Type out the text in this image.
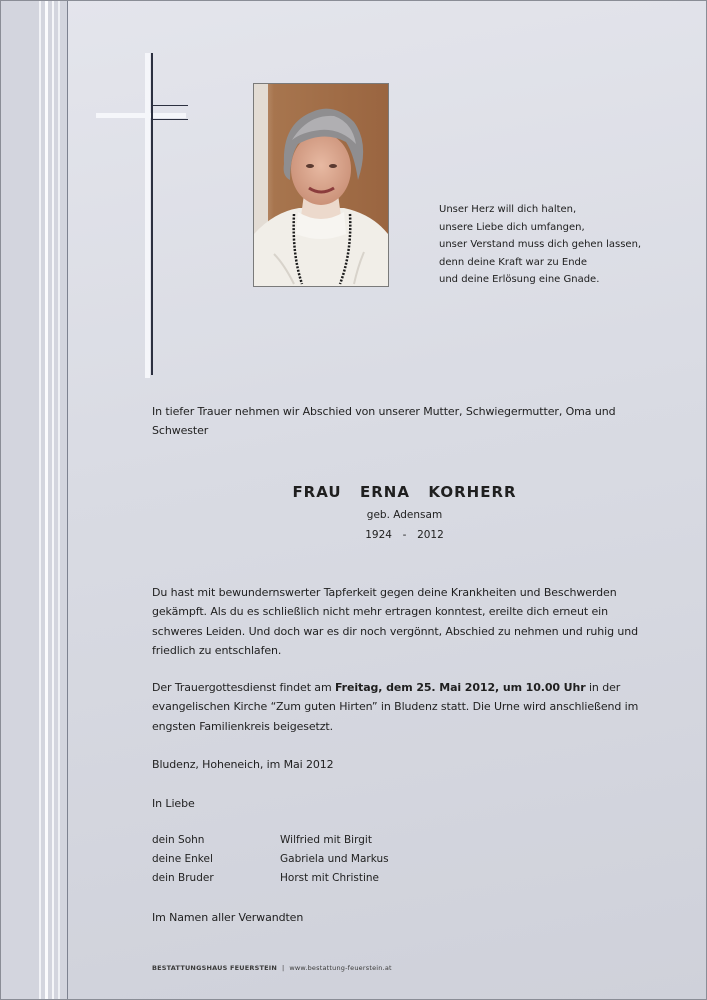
Unser Herz will dich halten,
unsere Liebe dich umfangen,
unser Verstand muss dich gehen lassen,
denn deine Kraft war zu Ende
und deine Erlösung eine Gnade.
In tiefer Trauer nehmen wir Abschied von unserer Mutter, Schwiegermutter, Oma und Schwester
FRAU  ERNA  KORHERR
geb. Adensam
1924  -  2012
Du hast mit bewundernswerter Tapferkeit gegen deine Krankheiten und Beschwerden gekämpft. Als du es schließlich nicht mehr ertragen konntest, ereilte dich erneut ein schweres Leiden. Und doch war es dir noch vergönnt, Abschied zu nehmen und ruhig und friedlich zu entschlafen.
Der Trauergottesdienst findet am Freitag, dem 25. Mai 2012, um 10.00 Uhr in der evangelischen Kirche “Zum guten Hirten” in Bludenz statt. Die Urne wird anschließend im engsten Familienkreis beigesetzt.
Bludenz, Hoheneich, im Mai 2012
In Liebe
dein Sohn	Wilfried mit Birgit
deine Enkel	Gabriela und Markus
dein Bruder	Horst mit Christine
Im Namen aller Verwandten
BESTATTUNGSHAUS FEUERSTEIN | www.bestattung-feuerstein.at
